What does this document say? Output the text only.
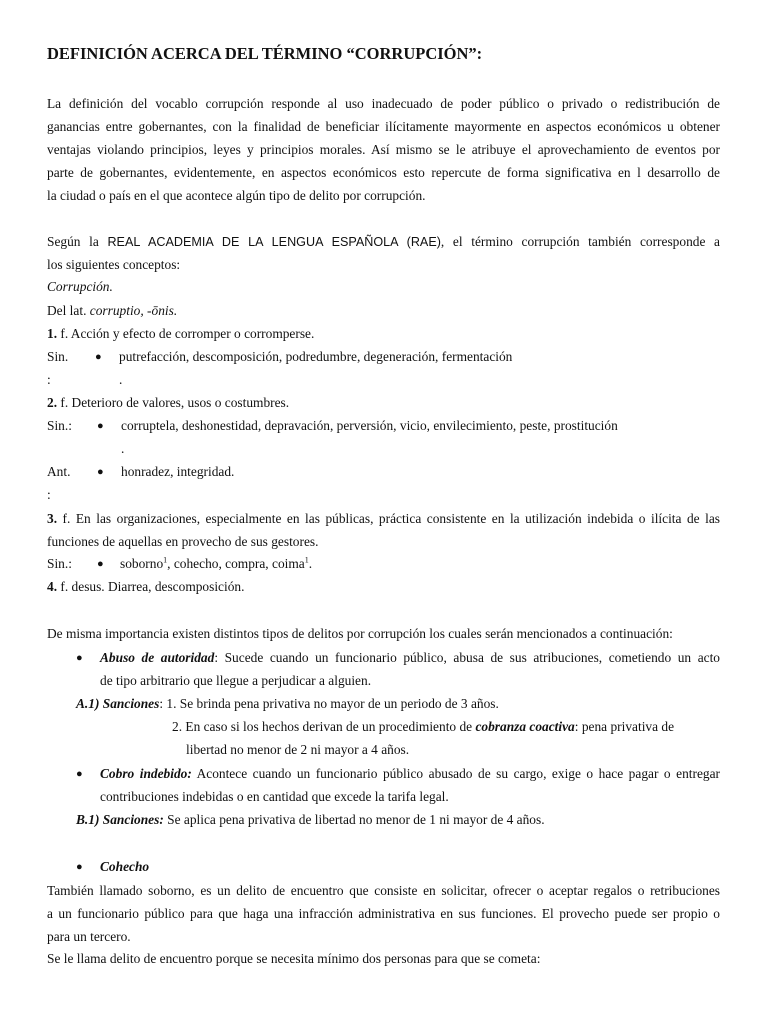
DEFINICIÓN ACERCA DEL TÉRMINO “CORRUPCIÓN”:
La definición del vocablo corrupción responde al uso inadecuado de poder público o privado o redistribución de
ganancias entre gobernantes, con la finalidad de beneficiar ilícitamente mayormente en aspectos económicos u obtener
ventajas violando principios, leyes y principios morales. Así mismo se le atribuye el aprovechamiento de eventos por
parte de gobernantes, evidentemente, en aspectos económicos esto repercute de forma significativa en l desarrollo de
la ciudad o país en el que acontece algún tipo de delito por corrupción.
Según la REAL ACADEMIA DE LA LENGUA ESPAÑOLA (RAE), el término corrupción también corresponde a
los siguientes conceptos:
Corrupción.
Del lat. corruptio, -ōnis.
1. f. Acción y efecto de corromper o corromperse.
Sin. ● putrefacción, descomposición, podredumbre, degeneración, fermentación
:	.
2. f. Deterioro de valores, usos o costumbres.
Sin.: ● corruptela, deshonestidad, depravación, perversión, vicio, envilecimiento, peste, prostitución
.
Ant. ● honradez, integridad.
:
3. f. En las organizaciones, especialmente en las públicas, práctica consistente en la utilización indebida o ilícita de las
funciones de aquellas en provecho de sus gestores.
Sin.: ● soborno$^1$, cohecho, compra, coima$^1$.
4. f. desus. Diarrea, descomposición.
De misma importancia existen distintos tipos de delitos por corrupción los cuales serán mencionados a continuación:
● Abuso de autoridad: Sucede cuando un funcionario público, abusa de sus atribuciones, cometiendo un acto
de tipo arbitrario que llegue a perjudicar a alguien.
A.1) Sanciones: 1. Se brinda pena privativa no mayor de un periodo de 3 años.
2. En caso si los hechos derivan de un procedimiento de cobranza coactiva: pena privativa de
libertad no menor de 2 ni mayor a 4 años.
● Cobro indebido: Acontece cuando un funcionario público abusado de su cargo, exige o hace pagar o entregar
contribuciones indebidas o en cantidad que excede la tarifa legal.
B.1) Sanciones: Se aplica pena privativa de libertad no menor de 1 ni mayor de 4 años.
● Cohecho
También llamado soborno, es un delito de encuentro que consiste en solicitar, ofrecer o aceptar regalos o retribuciones
a un funcionario público para que haga una infracción administrativa en sus funciones. El provecho puede ser propio o
para un tercero.
Se le llama delito de encuentro porque se necesita mínimo dos personas para que se cometa:
